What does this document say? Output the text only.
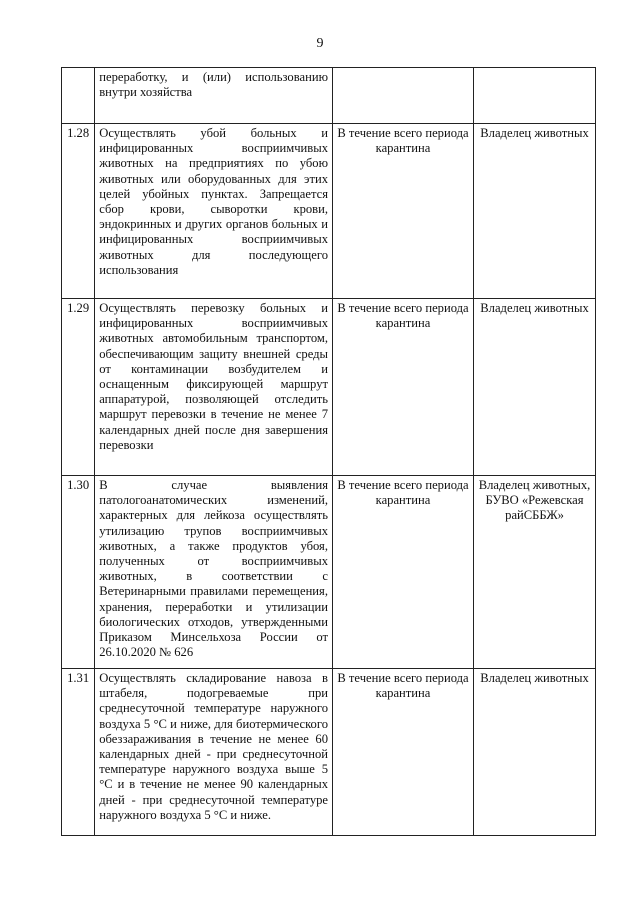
9
	переработку, и (или) использованию внутри хозяйства		
1.28	Осуществлять убой больных и инфицированных восприимчивых животных на предприятиях по убою животных или оборудованных для этих целей убойных пунктах. Запрещается сбор крови, сыворотки крови, эндокринных и других органов больных и инфицированных восприимчивых животных для последующего использования	В течение всего периода карантина	Владелец животных
1.29	Осуществлять перевозку больных и инфицированных восприимчивых животных автомобильным транспортом, обеспечивающим защиту внешней среды от контаминации возбудителем и оснащенным фиксирующей маршрут аппаратурой, позволяющей отследить маршрут перевозки в течение не менее 7 календарных дней после дня завершения перевозки	В течение всего периода карантина	Владелец животных
1.30	В случае выявления патологоанатомических изменений, характерных для лейкоза осуществлять утилизацию трупов восприимчивых животных, а также продуктов убоя, полученных от восприимчивых животных, в соответствии с Ветеринарными правилами перемещения, хранения, переработки и утилизации биологических отходов, утвержденными Приказом Минсельхоза России от 26.10.2020 № 626	В течение всего периода карантина	Владелец животных, БУВО «Режевская райСББЖ»
1.31	Осуществлять складирование навоза в штабеля, подогреваемые при среднесуточной температуре наружного воздуха 5 °С и ниже, для биотермического обеззараживания в течение не менее 60 календарных дней - при среднесуточной температуре наружного воздуха выше 5 °С и в течение не менее 90 календарных дней - при среднесуточной температуре наружного воздуха 5 °С и ниже.	В течение всего периода карантина	Владелец животных
